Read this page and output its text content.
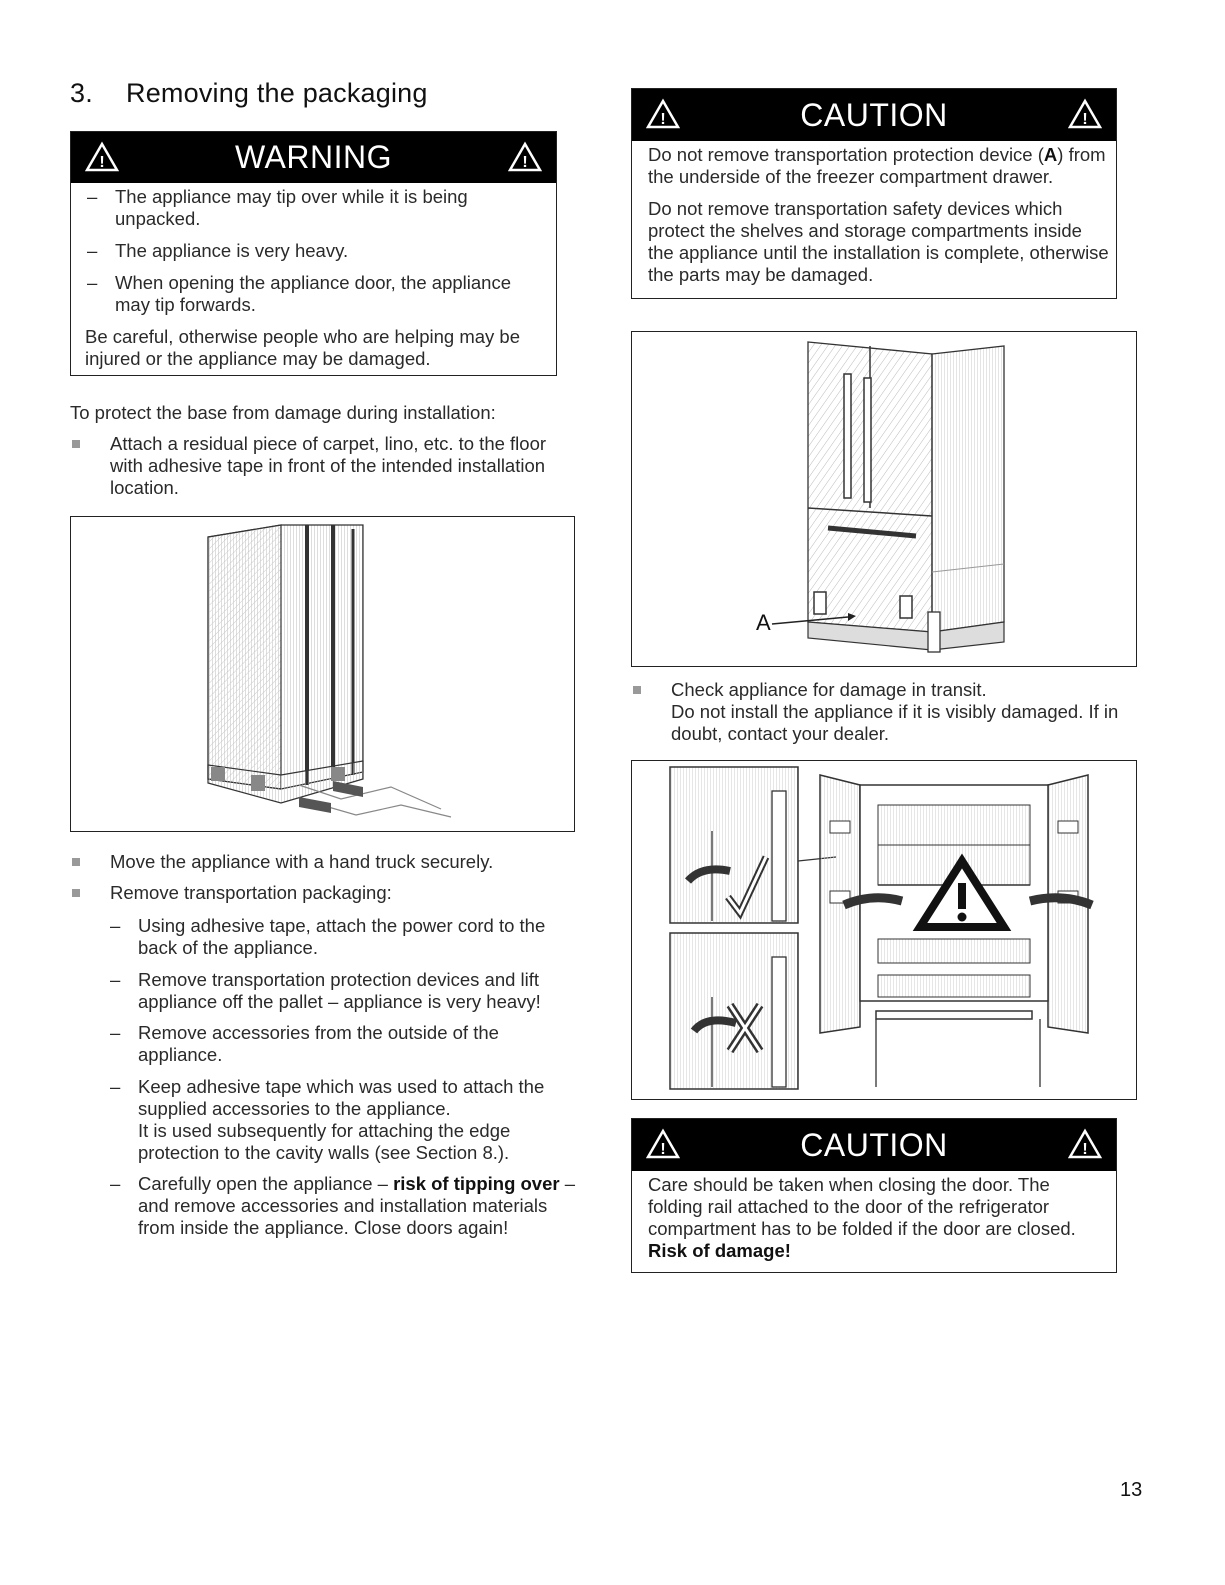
3. Removing the packaging
!	WARNING	!
– The appliance may tip over while it is being unpacked.
– The appliance is very heavy.
– When opening the appliance door, the appliance may tip forwards.

Be careful, otherwise people who are helping may be injured or the appliance may be damaged.

To protect the base from damage during installation:
Attach a residual piece of carpet, lino, etc. to the floor with adhesive tape in front of the intended installation location.
Move the appliance with a hand truck securely.
Remove transportation packaging:
– Using adhesive tape, attach the power cord to the back of the appliance.
– Remove transportation protection devices and lift appliance off the pallet – appliance is very heavy!
– Remove accessories from the outside of the appliance.
– Keep adhesive tape which was used to attach the supplied accessories to the appliance.
It is used subsequently for attaching the edge protection to the cavity walls (see Section 8.).
– Carefully open the appliance – risk of tipping over – and remove accessories and installation materials from inside the appliance. Close doors again!
!	CAUTION	!

Do not remove transportation protection device (A) from the underside of the freezer compartment drawer.

Do not remove transportation safety devices which protect the shelves and storage compartments inside the appliance until the installation is complete, otherwise the parts may be damaged.

A
Check appliance for damage in transit.
Do not install the appliance if it is visibly damaged. If in doubt, contact your dealer.
!	CAUTION	!
Care should be taken when closing the door. The folding rail attached to the door of the refrigerator compartment has to be folded if the door are closed.
Risk of damage!
13
